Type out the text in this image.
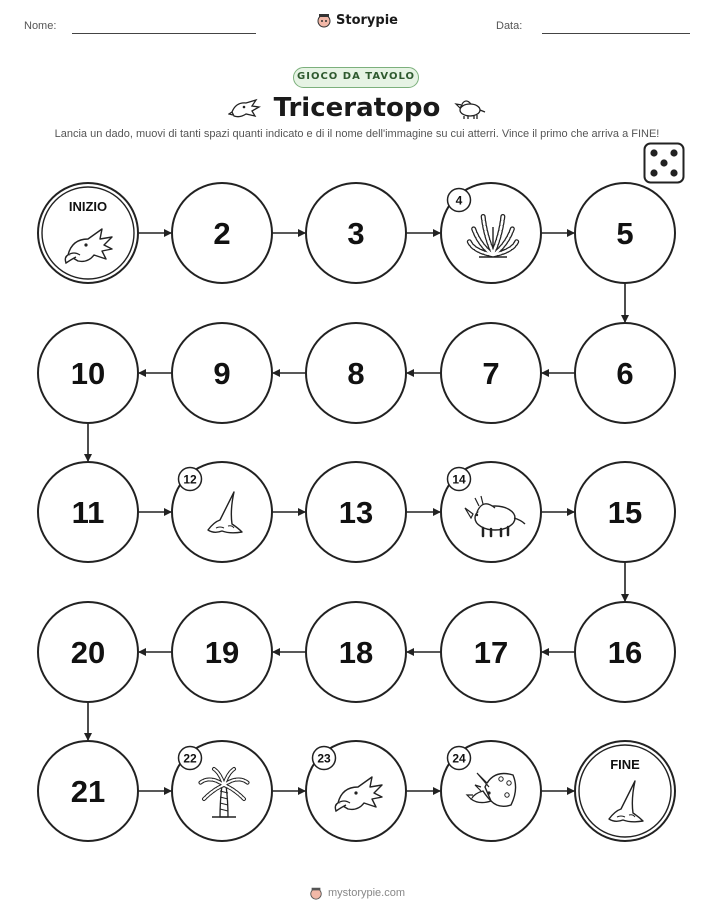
Nome:	Storypie	Data:
GIOCO DA TAVOLO
Triceratopo
Lancia un dado, muovi di tanti spazi quanti indicato e di il nome dell'immagine su cui atterri. Vince il primo che arriva a FINE!
INIZIO
2	3
4
5
6
7
8
9
10
11
12
13
14
15
16
17
18
19
20
21
22	23	24	FINE
mystorypie.com
